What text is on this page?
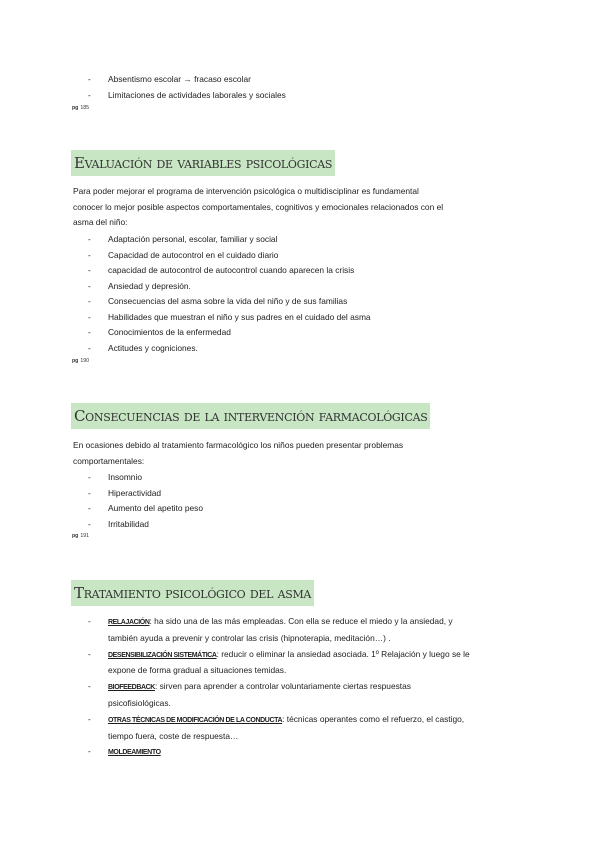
- Absentismo escolar → fracaso escolar
- Limitaciones de actividades laborales y sociales
pg 185
Evaluación de variables psicológicas

Para poder mejorar el programa de intervención psicológica o multidisciplinar es fundamental
conocer lo mejor posible aspectos comportamentales, cognitivos y emocionales relacionados con el
asma del niño:

- Adaptación personal, escolar, familiar y social
- Capacidad de autocontrol en el cuidado diario
- capacidad de autocontrol de autocontrol cuando aparecen la crisis
- Ansiedad y depresión.
- Consecuencias del asma sobre la vida del niño y de sus familias
- Habilidades que muestran el niño y sus padres en el cuidado del asma
- Conocimientos de la enfermedad
- Actitudes y cogniciones.
pg 190
Consecuencias de la intervención farmacológicas

En ocasiones debido al tratamiento farmacológico los niños pueden presentar problemas
comportamentales:

- Insomnio
- Hiperactividad
- Aumento del apetito peso
- Irritabilidad
pg 191
Tratamiento psicológico del asma
- RELAJACIÓN: ha sido una de las más empleadas. Con ella se reduce el miedo y la ansiedad, y
también ayuda a prevenir y controlar las crisis (hipnoterapia, meditación…) .
- DESENSIBILIZACIÓN SISTEMÁTICA: reducir o eliminar la ansiedad asociada. 1º Relajación y luego se le
expone de forma gradual a situaciones temidas.
- BIOFEEDBACK: sirven para aprender a controlar voluntariamente ciertas respuestas
psicofisiológicas.
- OTRAS TÉCNICAS DE MODIFICACIÓN DE LA CONDUCTA: técnicas operantes como el refuerzo, el castigo,
tiempo fuera, coste de respuesta…
- MOLDEAMIENTO
